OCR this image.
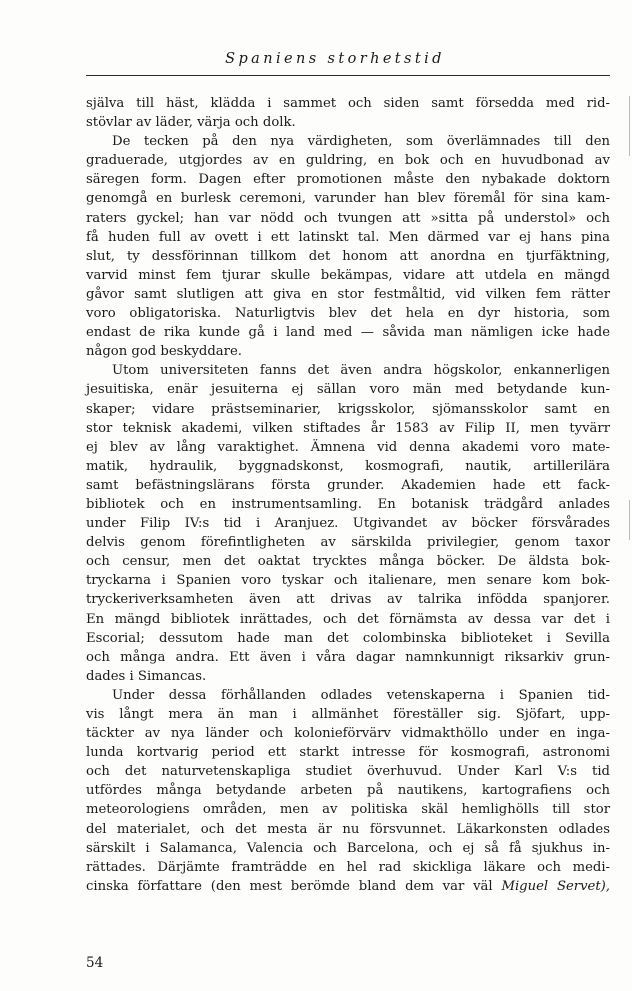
Spaniens storhetstid
själva till häst, klädda i sammet och siden samt försedda med rid-
stövlar av läder, värja och dolk.
De tecken på den nya värdigheten, som överlämnades till den
graduerade, utgjordes av en guldring, en bok och en huvudbonad av
säregen form. Dagen efter promotionen måste den nybakade doktorn
genomgå en burlesk ceremoni, varunder han blev föremål för sina kam-
raters gyckel; han var nödd och tvungen att »sitta på understol» och
få huden full av ovett i ett latinskt tal. Men därmed var ej hans pina
slut, ty dessförinnan tillkom det honom att anordna en tjurfäktning,
varvid minst fem tjurar skulle bekämpas, vidare att utdela en mängd
gåvor samt slutligen att giva en stor festmåltid, vid vilken fem rätter
voro obligatoriska. Naturligtvis blev det hela en dyr historia, som
endast de rika kunde gå i land med — såvida man nämligen icke hade
någon god beskyddare.
Utom universiteten fanns det även andra högskolor, enkannerligen
jesuitiska, enär jesuiterna ej sällan voro män med betydande kun-
skaper; vidare prästseminarier, krigsskolor, sjömansskolor samt en
stor teknisk akademi, vilken stiftades år 1583 av Filip II, men tyvärr
ej blev av lång varaktighet. Ämnena vid denna akademi voro mate-
matik, hydraulik, byggnadskonst, kosmografi, nautik, artillerilära
samt befästningslärans första grunder. Akademien hade ett fack-
bibliotek och en instrumentsamling. En botanisk trädgård anlades
under Filip IV:s tid i Aranjuez. Utgivandet av böcker försvårades
delvis genom förefintligheten av särskilda privilegier, genom taxor
och censur, men det oaktat trycktes många böcker. De äldsta bok-
tryckarna i Spanien voro tyskar och italienare, men senare kom bok-
tryckeriverksamheten även att drivas av talrika infödda spanjorer.
En mängd bibliotek inrättades, och det förnämsta av dessa var det i
Escorial; dessutom hade man det colombinska biblioteket i Sevilla
och många andra. Ett även i våra dagar namnkunnigt riksarkiv grun-
dades i Simancas.
Under dessa förhållanden odlades vetenskaperna i Spanien tid-
vis långt mera än man i allmänhet föreställer sig. Sjöfart, upp-
täckter av nya länder och kolonieförvärv vidmakthöllo under en inga-
lunda kortvarig period ett starkt intresse för kosmografi, astronomi
och det naturvetenskapliga studiet överhuvud. Under Karl V:s tid
utfördes många betydande arbeten på nautikens, kartografiens och
meteorologiens områden, men av politiska skäl hemlighölls till stor
del materialet, och det mesta är nu försvunnet. Läkarkonsten odlades
särskilt i Salamanca, Valencia och Barcelona, och ej så få sjukhus in-
rättades. Därjämte framträdde en hel rad skickliga läkare och medi-
cinska författare (den mest berömde bland dem var väl Miguel Servet),
54
